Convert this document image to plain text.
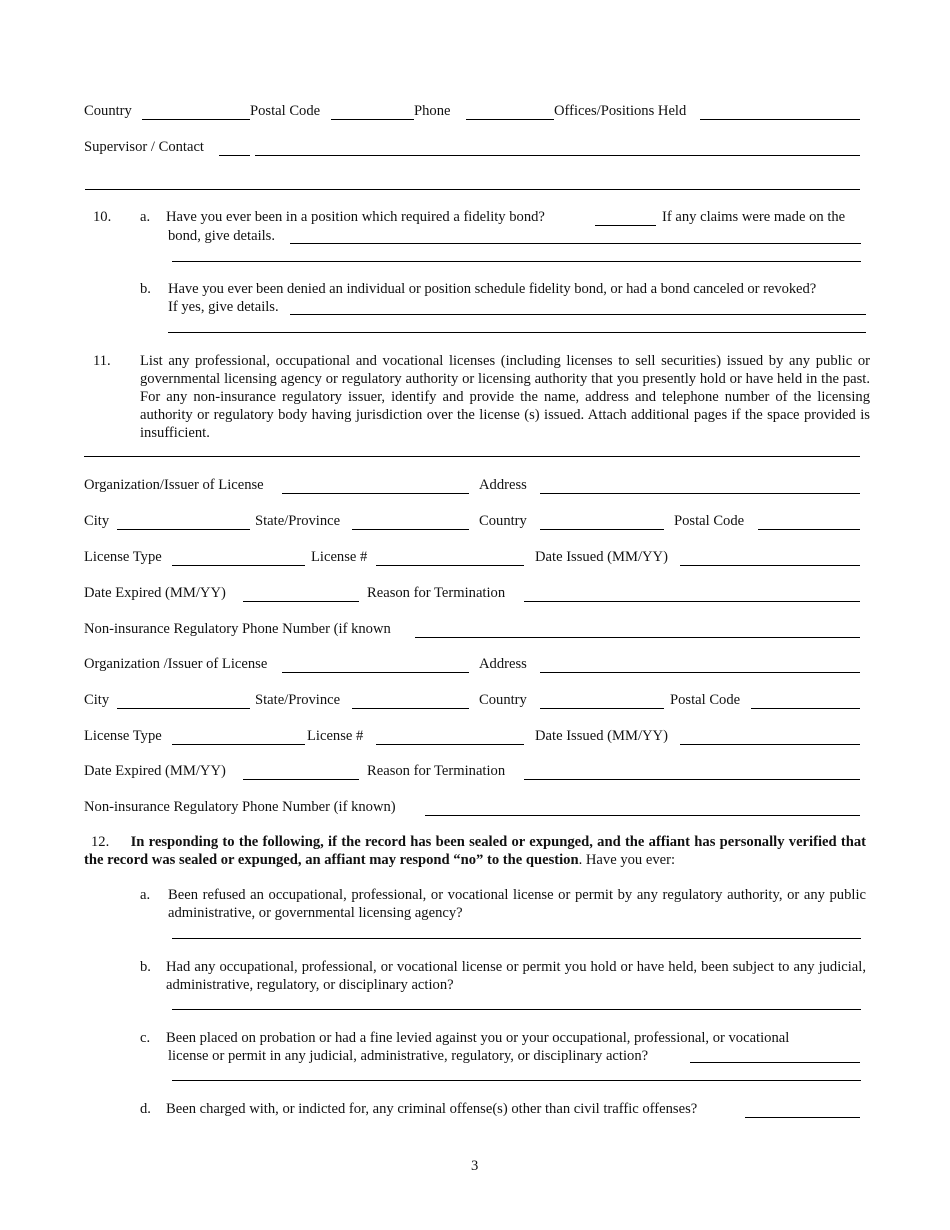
Country	Postal Code	Phone	Offices/Positions Held
Supervisor / Contact
10. a. Have you ever been in a position which required a fidelity bond?	If any claims were made on the
bond, give details.
b. Have you ever been denied an individual or position schedule fidelity bond, or had a bond canceled or revoked?
If yes, give details.
11. List any professional, occupational and vocational licenses (including licenses to sell securities) issued by any public or governmental licensing agency or regulatory authority or licensing authority that you presently hold or have held in the past. For any non-insurance regulatory issuer, identify and provide the name, address and telephone number of the licensing authority or regulatory body having jurisdiction over the license (s) issued. Attach additional pages if the space provided is insufficient.
Organization/Issuer of License	Address
City	State/Province	Country	Postal Code
License Type	License #	Date Issued (MM/YY)
Date Expired (MM/YY)	Reason for Termination
Non-insurance Regulatory Phone Number (if known
Organization /Issuer of License	Address
City	State/Province	Country	Postal Code
License Type	License #	Date Issued (MM/YY)
Date Expired (MM/YY)	Reason for Termination
Non-insurance Regulatory Phone Number (if known)
12. In responding to the following, if the record has been sealed or expunged, and the affiant has personally verified that the record was sealed or expunged, an affiant may respond “no” to the question. Have you ever:
a. Been refused an occupational, professional, or vocational license or permit by any regulatory authority, or any public administrative, or governmental licensing agency?
b. Had any occupational, professional, or vocational license or permit you hold or have held, been subject to any judicial, administrative, regulatory, or disciplinary action?
c. Been placed on probation or had a fine levied against you or your occupational, professional, or vocational
license or permit in any judicial, administrative, regulatory, or disciplinary action?
d. Been charged with, or indicted for, any criminal offense(s) other than civil traffic offenses?
3
